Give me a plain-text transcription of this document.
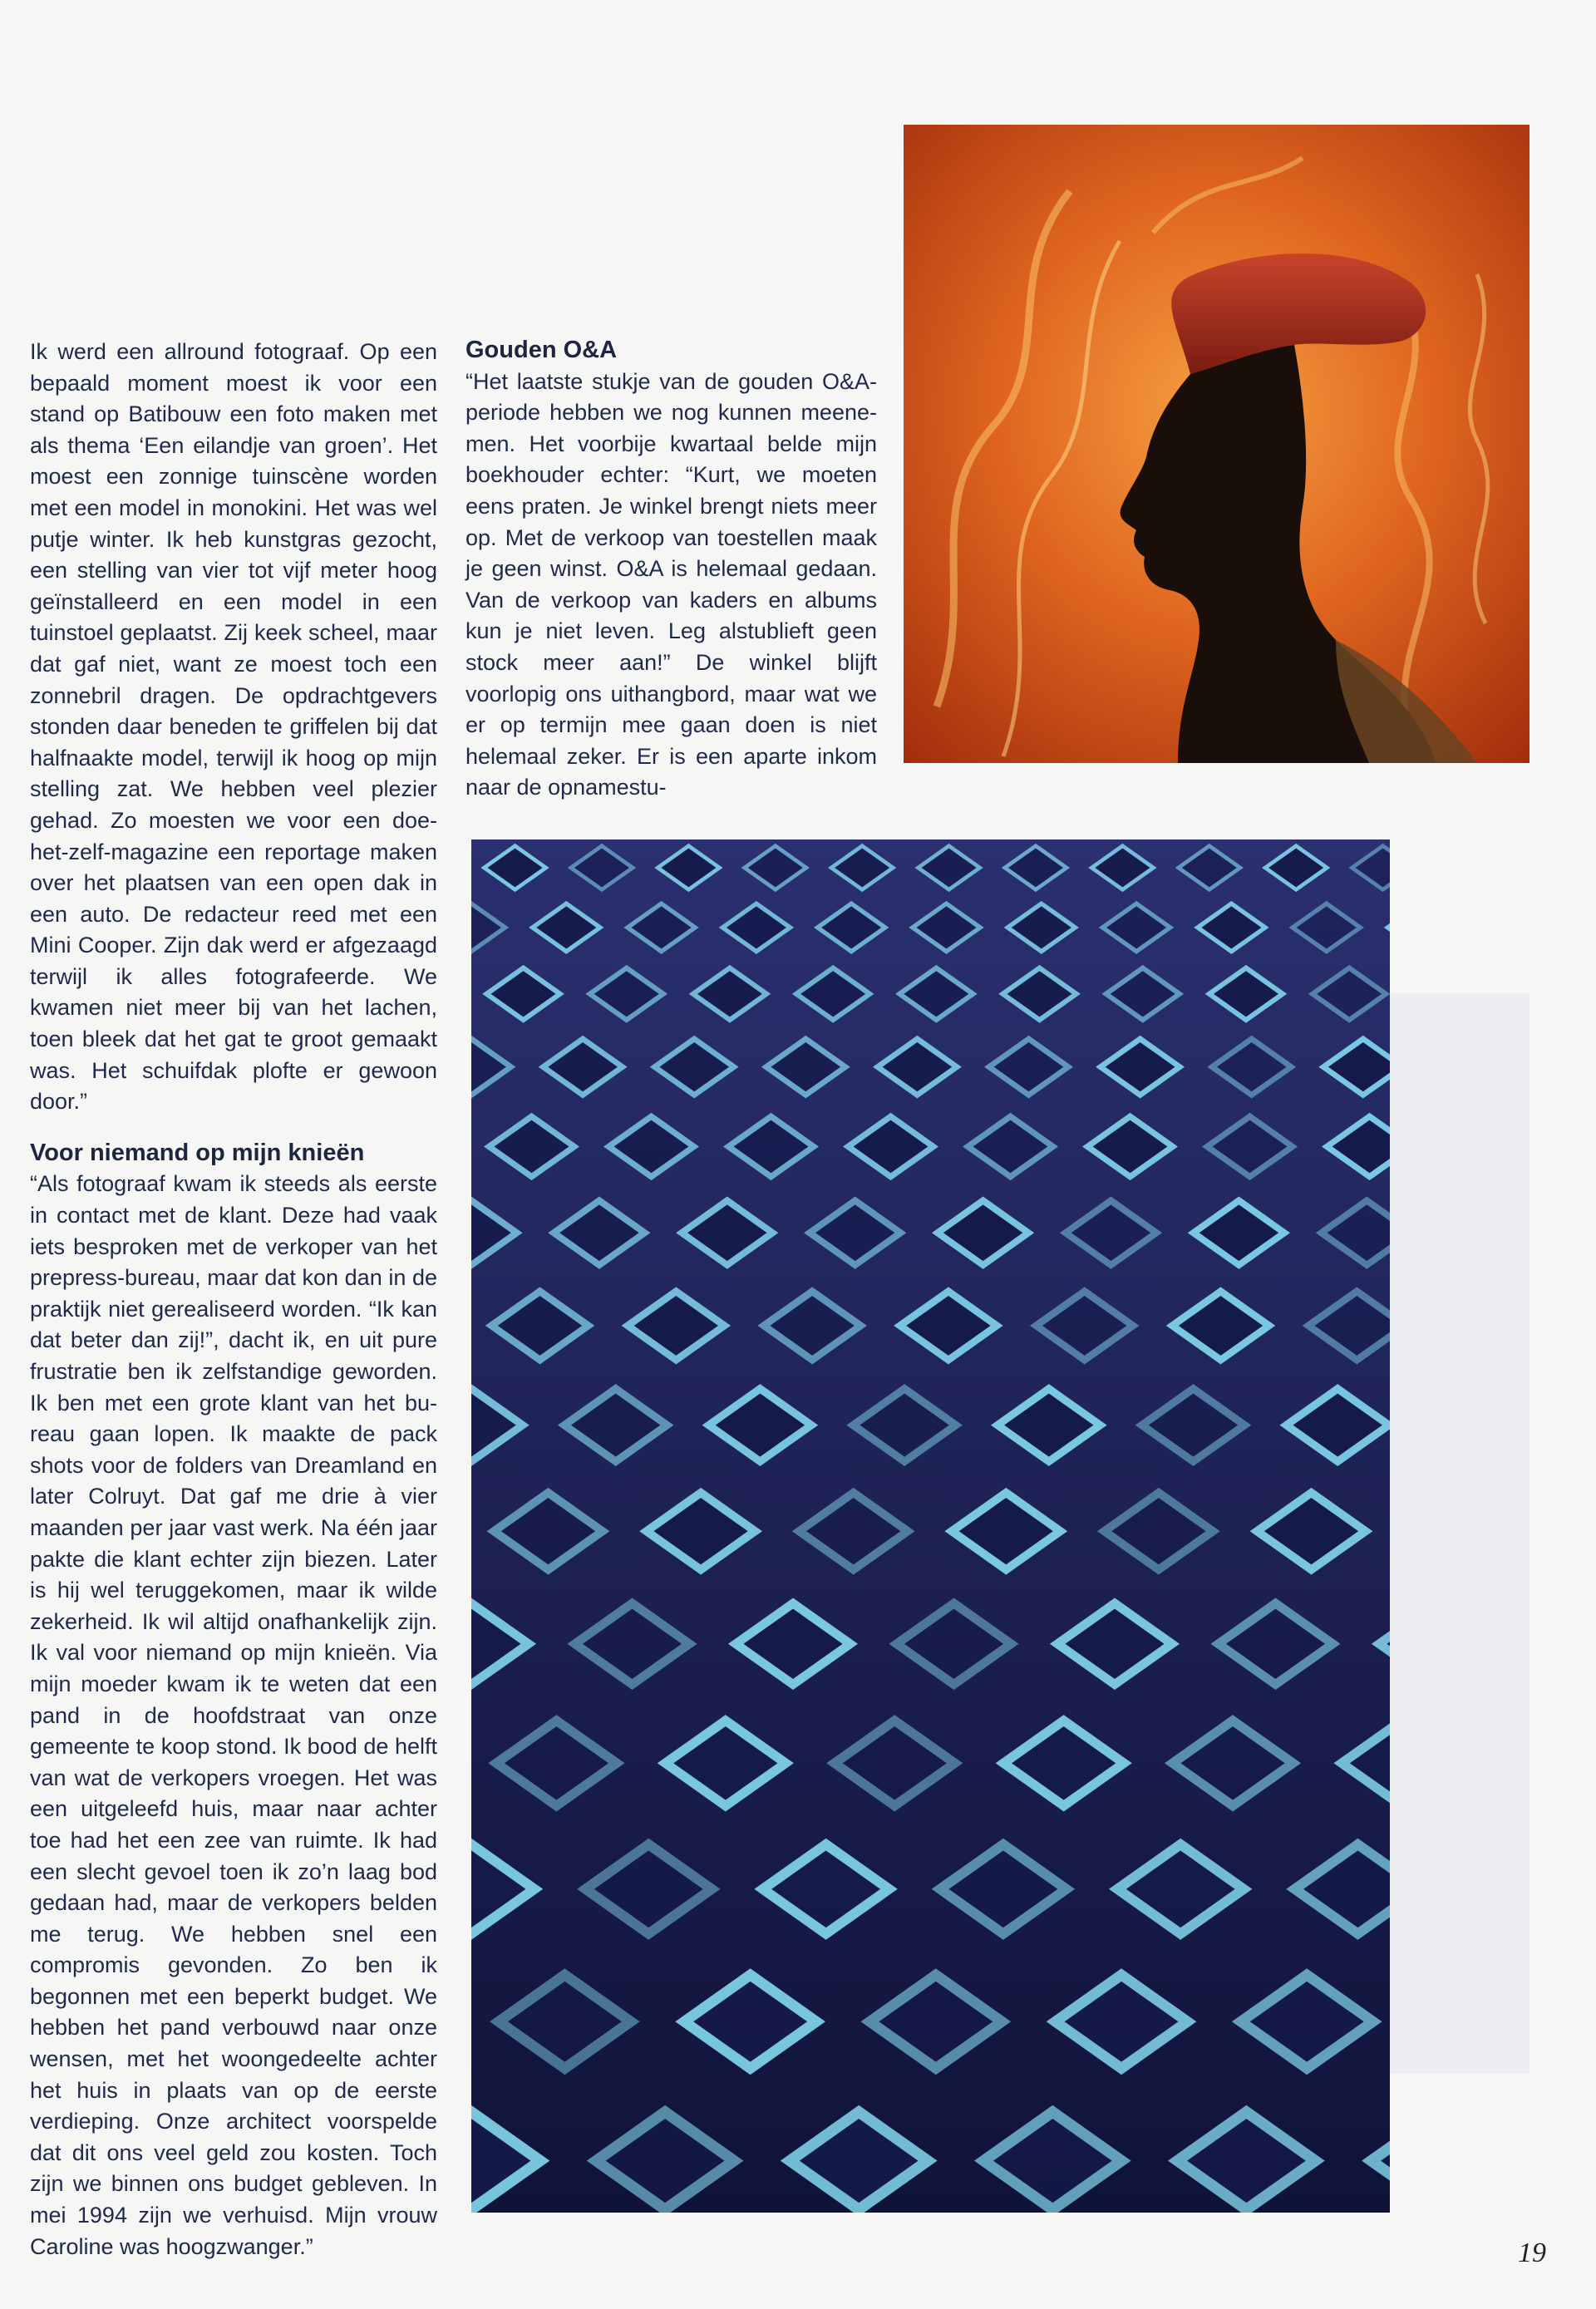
Ik werd een allround fotograaf. Op een bepaald moment moest ik voor een stand op Batibouw een foto maken met als thema ‘Een eilandje van groen’. Het moest een zonnige tuinscène worden met een model in monokini. Het was wel putje winter. Ik heb kunstgras gezocht, een stelling van vier tot vijf meter hoog geïnstalleerd en een model in een tuinstoel geplaatst. Zij keek scheel, maar dat gaf niet, want ze moest toch een zonnebril dragen. De opdrachtgevers stonden daar beneden te griffelen bij dat halfnaakte model, terwijl ik hoog op mijn stelling zat. We hebben veel plezier gehad. Zo moesten we voor een doe-het-zelf-magazine een reportage maken over het plaatsen van een open dak in een auto. De redacteur reed met een Mini Cooper. Zijn dak werd er afgezaagd terwijl ik alles fotografeerde. We kwamen niet meer bij van het lachen, toen bleek dat het gat te groot gemaakt was. Het schuifdak plofte er gewoon door.”

Voor niemand op mijn knieën

“Als fotograaf kwam ik steeds als eerste in contact met de klant. Deze had vaak iets besproken met de verkoper van het prepress-bureau, maar dat kon dan in de praktijk niet gerealiseerd worden. “Ik kan dat beter dan zij!”, dacht ik, en uit pure frustratie ben ik zelfstandige geworden. Ik ben met een grote klant van het bureau gaan lopen. Ik maakte de pack shots voor de folders van Dreamland en later Colruyt. Dat gaf me drie à vier maanden per jaar vast werk. Na één jaar pakte die klant echter zijn biezen. Later is hij wel teruggekomen, maar ik wilde zekerheid. Ik wil altijd onafhankelijk zijn. Ik val voor niemand op mijn knieën. Via mijn moeder kwam ik te weten dat een pand in de hoofdstraat van onze gemeente te koop stond. Ik bood de helft van wat de verkopers vroegen. Het was een uitgeleefd huis, maar naar achter toe had het een zee van ruimte. Ik had een slecht gevoel toen ik zo’n laag bod gedaan had, maar de verkopers belden me terug. We hebben snel een compromis gevonden. Zo ben ik begonnen met een beperkt budget. We hebben het pand verbouwd naar onze wensen, met het woongedeelte achter het huis in plaats van op de eerste verdieping. Onze architect voorspelde dat dit ons veel geld zou kosten. Toch zijn we binnen ons budget gebleven. In mei 1994 zijn we verhuisd. Mijn vrouw Caroline was hoogzwanger.”

Gouden O&A

“Het laatste stukje van de gouden O&A-periode hebben we nog kunnen meenemen. Het voorbije kwartaal belde mijn boekhouder echter: “Kurt, we moeten eens praten. Je winkel brengt niets meer op. Met de verkoop van toestellen maak je geen winst. O&A is helemaal gedaan. Van de verkoop van kaders en albums kun je niet leven. Leg alstublieft geen stock meer aan!” De winkel blijft voorlopig ons uithangbord, maar wat we er op termijn mee gaan doen is niet helemaal zeker. Er is een aparte inkom naar de opnamestu-

19
